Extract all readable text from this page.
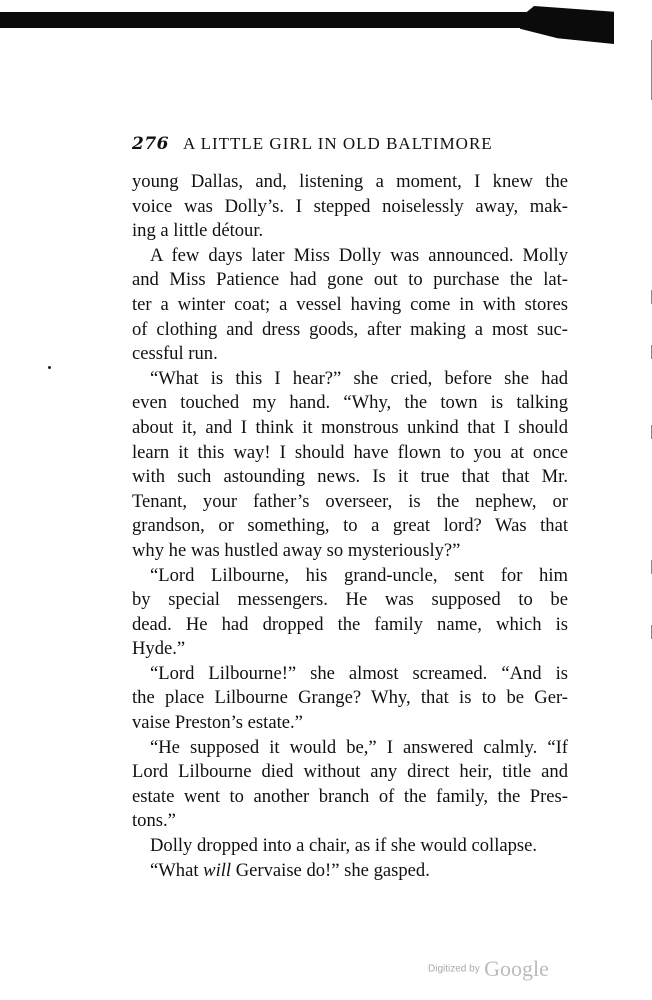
276 A LITTLE GIRL IN OLD BALTIMORE
young Dallas, and, listening a moment, I knew the
voice was Dolly’s. I stepped noiselessly away, mak-
ing a little détour.
A few days later Miss Dolly was announced. Molly
and Miss Patience had gone out to purchase the lat-
ter a winter coat; a vessel having come in with stores
of clothing and dress goods, after making a most suc-
cessful run.
“What is this I hear?” she cried, before she had
even touched my hand. “Why, the town is talking
about it, and I think it monstrous unkind that I should
learn it this way! I should have flown to you at once
with such astounding news. Is it true that that Mr.
Tenant, your father’s overseer, is the nephew, or
grandson, or something, to a great lord? Was that
why he was hustled away so mysteriously?”
“Lord Lilbourne, his grand-uncle, sent for him
by special messengers. He was supposed to be
dead. He had dropped the family name, which is
Hyde.”
“Lord Lilbourne!” she almost screamed. “And is
the place Lilbourne Grange? Why, that is to be Ger-
vaise Preston’s estate.”
“He supposed it would be,” I answered calmly. “If
Lord Lilbourne died without any direct heir, title and
estate went to another branch of the family, the Pres-
tons.”
Dolly dropped into a chair, as if she would collapse.
“What will Gervaise do!” she gasped.
Digitized by Google
